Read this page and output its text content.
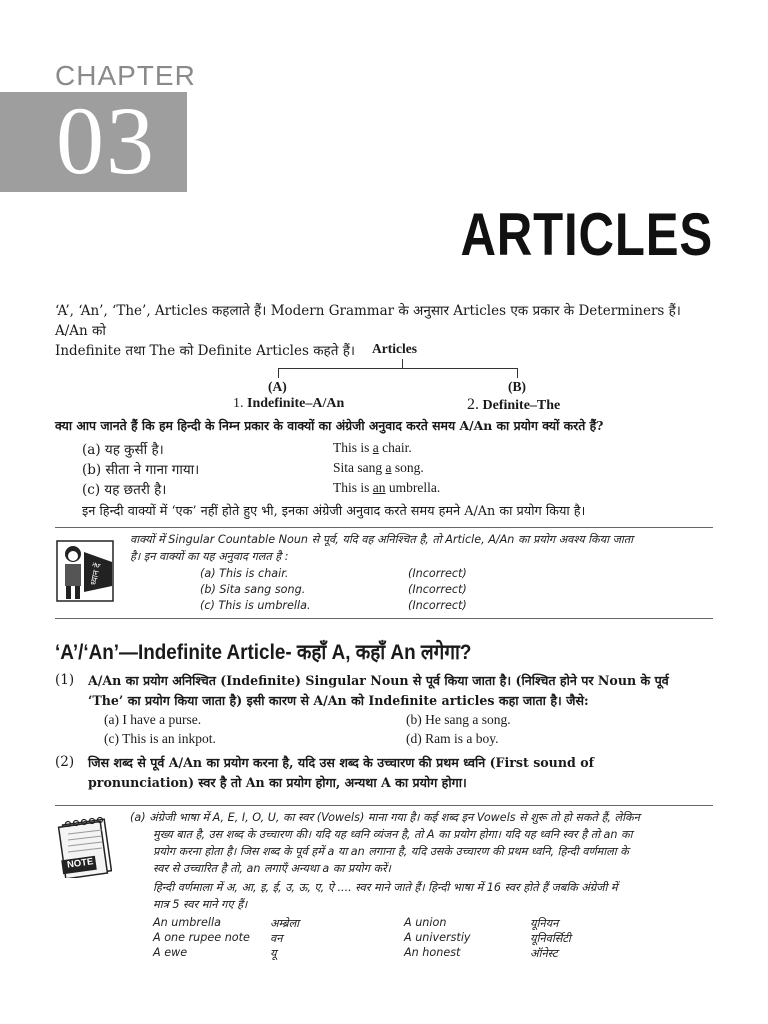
CHAPTER
03
ARTICLES
‘A’, ‘An’, ‘The’, Articles कहलाते हैं। Modern Grammar के अनुसार Articles एक प्रकार के Determiners हैं। A/An को
Indefinite तथा The को Definite Articles कहते हैं।	Articles
(A)	(B)
1. Indefinite–A/An	2. Definite–The
क्या आप जानते हैं कि हम हिन्दी के निम्न प्रकार के वाक्यों का अंग्रेजी अनुवाद करते समय A/An का प्रयोग क्यों करते हैं?
(a) यह कुर्सी है।	This is a chair.
(b) सीता ने गाना गाया।	Sita sang a song.
(c) यह छतरी है।	This is an umbrella.
इन हिन्दी वाक्यों में ‘एक’ नहीं होते हुए भी, इनका अंग्रेजी अनुवाद करते समय हमने A/An का प्रयोग किया है।
ध्यान दें
वाक्यों में Singular Countable Noun से पूर्व, यदि वह अनिश्चित है, तो Article, A/An का प्रयोग अवश्य किया जाता
है। इन वाक्यों का यह अनुवाद गलत है :
(a) This is chair.	(Incorrect)
(b) Sita sang song.	(Incorrect)
(c) This is umbrella.	(Incorrect)
‘A’/‘An’—Indefinite Article- कहाँ A, कहाँ An लगेगा?
(1) A/An का प्रयोग अनिश्चित (Indefinite) Singular Noun से पूर्व किया जाता है। (निश्चित होने पर Noun के पूर्व
‘The’ का प्रयोग किया जाता है) इसी कारण से A/An को Indefinite articles कहा जाता है। जैसे:
(a) I have a purse.	(b) He sang a song.
(c) This is an inkpot.	(d) Ram is a boy.
(2) जिस शब्द से पूर्व A/An का प्रयोग करना है, यदि उस शब्द के उच्चारण की प्रथम ध्वनि (First sound of
pronunciation) स्वर है तो An का प्रयोग होगा, अन्यथा A का प्रयोग होगा।
NOTE
(a) अंग्रेजी भाषा में A, E, I, O, U, का स्वर (Vowels) माना गया है। कई शब्द इन Vowels से शुरू तो हो सकते हैं, लेकिन
मुख्य बात है, उस शब्द के उच्चारण की। यदि यह ध्वनि व्यंजन है, तो A का प्रयोग होगा। यदि यह ध्वनि स्वर है तो an का
प्रयोग करना होता है। जिस शब्द के पूर्व हमें a या an लगाना है, यदि उसके उच्चारण की प्रथम ध्वनि, हिन्दी वर्णमाला के
स्वर से उच्चारित है तो, an लगाएँ अन्यथा a का प्रयोग करें।
हिन्दी वर्णमाला में अ, आ, इ, ई, उ, ऊ, ए, ऐ .... स्वर माने जाते हैं। हिन्दी भाषा में 16 स्वर होते हैं जबकि अंग्रेजी में
मात्र 5 स्वर माने गए हैं।
An umbrella	अम्ब्रेला	A union	यूनियन
A one rupee note वन	A universtiy	यूनिवर्सिटी
A ewe	यू	An honest	ऑनेस्ट
